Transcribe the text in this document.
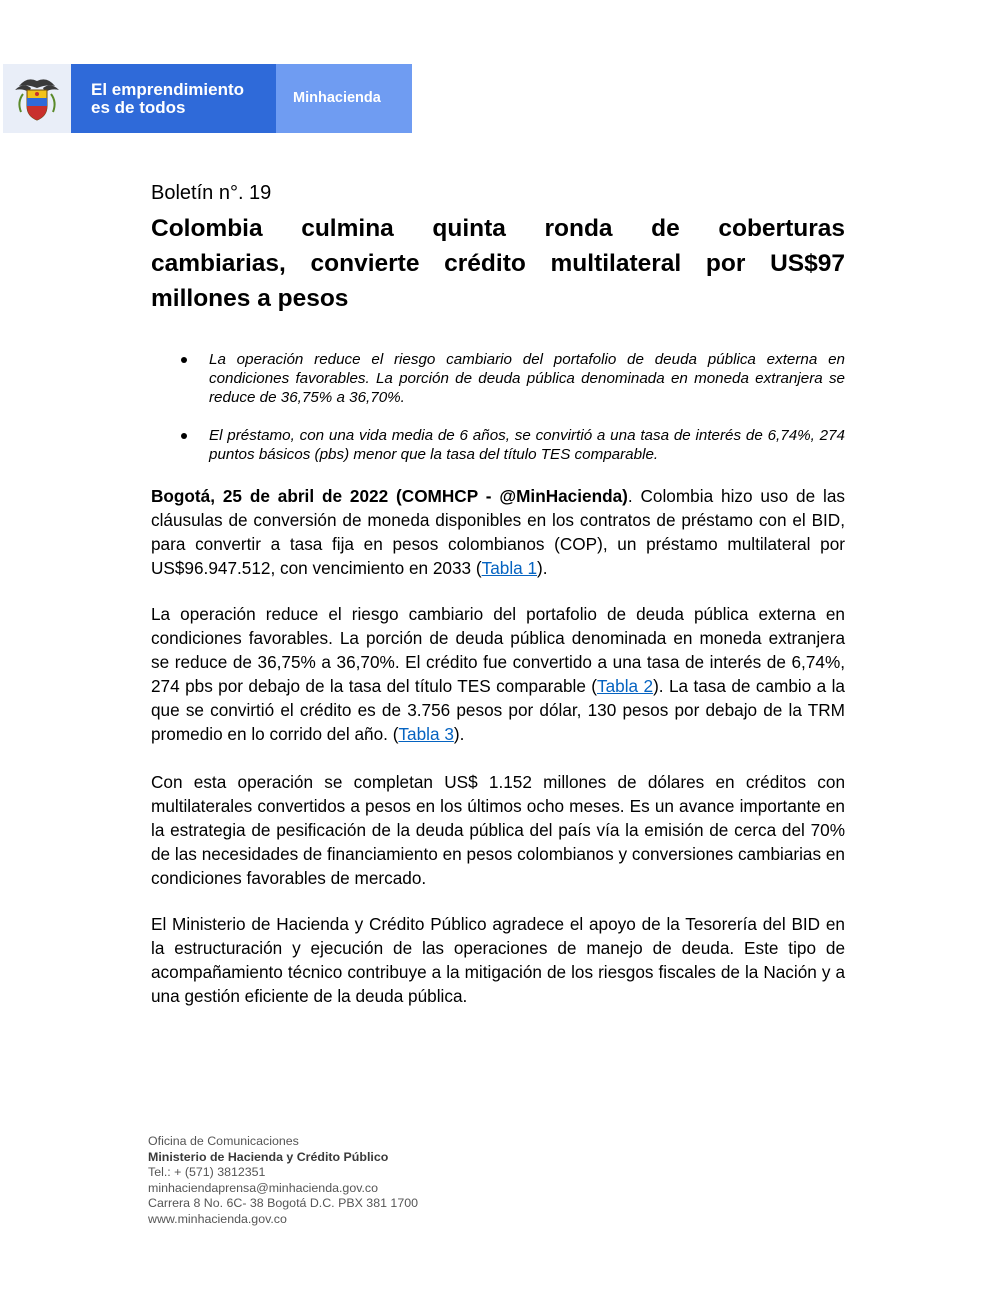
El emprendimiento
es de todos	Minhacienda
Boletín n°. 19
Colombia culmina quinta ronda de coberturas
cambiarias, convierte crédito multilateral por US$97
millones a pesos
La operación reduce el riesgo cambiario del portafolio de deuda pública externa en condiciones favorables. La porción de deuda pública denominada en moneda extranjera se reduce de 36,75% a 36,70%.
El préstamo, con una vida media de 6 años, se convirtió a una tasa de interés de 6,74%, 274 puntos básicos (pbs) menor que la tasa del título TES comparable.
Bogotá, 25 de abril de 2022 (COMHCP - @MinHacienda). Colombia hizo uso de las cláusulas de conversión de moneda disponibles en los contratos de préstamo con el BID, para convertir a tasa fija en pesos colombianos (COP), un préstamo multilateral por US$96.947.512, con vencimiento en 2033 (Tabla 1).
La operación reduce el riesgo cambiario del portafolio de deuda pública externa en condiciones favorables. La porción de deuda pública denominada en moneda extranjera se reduce de 36,75% a 36,70%. El crédito fue convertido a una tasa de interés de 6,74%, 274 pbs por debajo de la tasa del título TES comparable (Tabla 2). La tasa de cambio a la que se convirtió el crédito es de 3.756 pesos por dólar, 130 pesos por debajo de la TRM promedio en lo corrido del año. (Tabla 3).
Con esta operación se completan US$ 1.152 millones de dólares en créditos con multilaterales convertidos a pesos en los últimos ocho meses. Es un avance importante en la estrategia de pesificación de la deuda pública del país vía la emisión de cerca del 70% de las necesidades de financiamiento en pesos colombianos y conversiones cambiarias en condiciones favorables de mercado.
El Ministerio de Hacienda y Crédito Público agradece el apoyo de la Tesorería del BID en la estructuración y ejecución de las operaciones de manejo de deuda. Este tipo de acompañamiento técnico contribuye a la mitigación de los riesgos fiscales de la Nación y a una gestión eficiente de la deuda pública.
Oficina de Comunicaciones
Ministerio de Hacienda y Crédito Público
Tel.: + (571) 3812351
minhaciendaprensa@minhacienda.gov.co
Carrera 8 No. 6C- 38 Bogotá D.C. PBX 381 1700
www.minhacienda.gov.co
